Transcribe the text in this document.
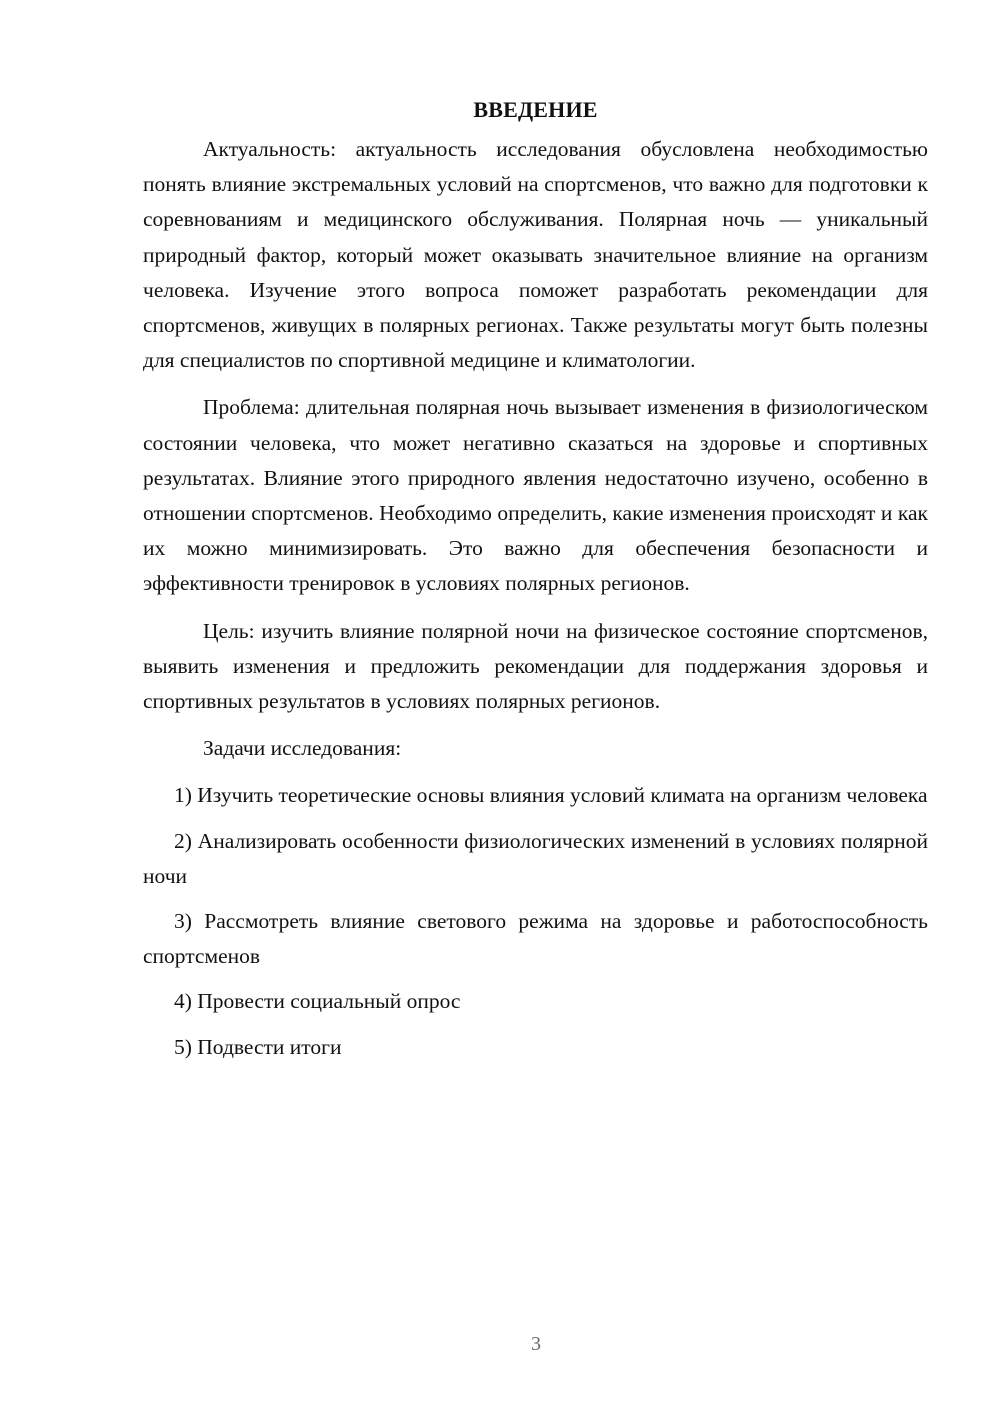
ВВЕДЕНИЕ

Актуальность: актуальность исследования обусловлена необходимостью понять влияние экстремальных условий на спортсменов, что важно для подготовки к соревнованиям и медицинского обслуживания. Полярная ночь — уникальный природный фактор, который может оказывать значительное влияние на организм человека. Изучение этого вопроса поможет разработать рекомендации для спортсменов, живущих в полярных регионах. Также результаты могут быть полезны для специалистов по спортивной медицине и климатологии.

Проблема: длительная полярная ночь вызывает изменения в физиологическом состоянии человека, что может негативно сказаться на здоровье и спортивных результатах. Влияние этого природного явления недостаточно изучено, особенно в отношении спортсменов. Необходимо определить, какие изменения происходят и как их можно минимизировать. Это важно для обеспечения безопасности и эффективности тренировок в условиях полярных регионов.

Цель: изучить влияние полярной ночи на физическое состояние спортсменов, выявить изменения и предложить рекомендации для поддержания здоровья и спортивных результатов в условиях полярных регионов.

Задачи исследования:

1) Изучить теоретические основы влияния условий климата на организм человека

2) Анализировать особенности физиологических изменений в условиях полярной ночи

3) Рассмотреть влияние светового режима на здоровье и работоспособность спортсменов

4) Провести социальный опрос

5) Подвести итоги

3
